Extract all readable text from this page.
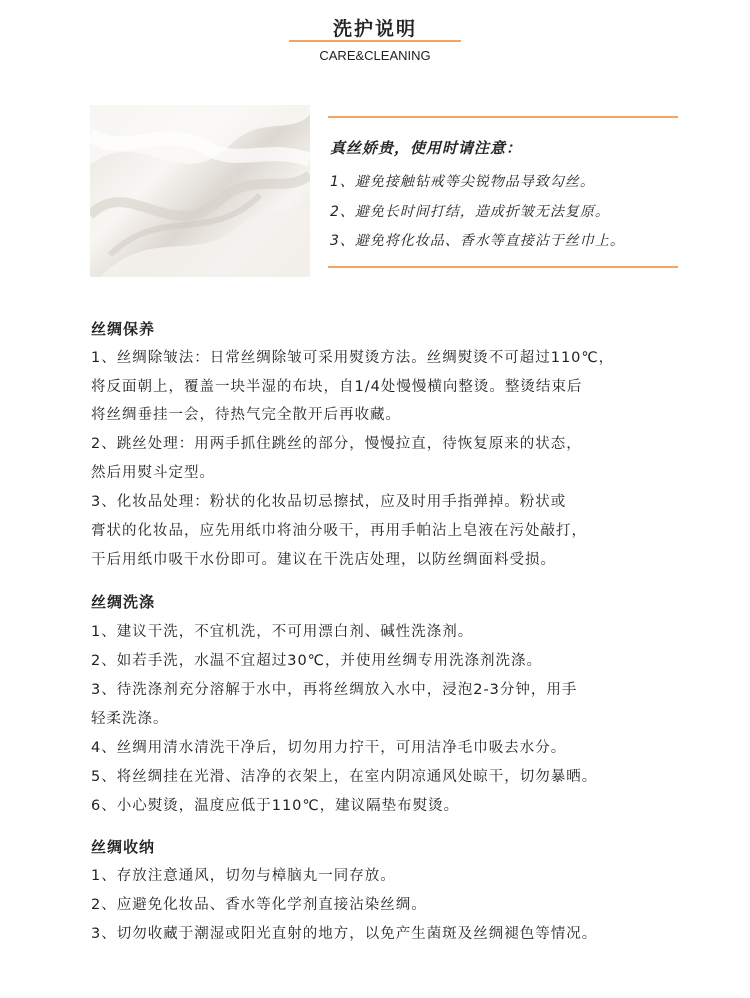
洗护说明
CARE&CLEANING
真丝娇贵，使用时请注意：
1、避免接触钻戒等尖锐物品导致勾丝。
2、避免长时间打结，造成折皱无法复原。
3、避免将化妆品、香水等直接沾于丝巾上。
丝绸保养
1、丝绸除皱法：日常丝绸除皱可采用熨烫方法。丝绸熨烫不可超过110℃，
将反面朝上，覆盖一块半湿的布块，自1/4处慢慢横向整烫。整烫结束后
将丝绸垂挂一会，待热气完全散开后再收藏。
2、跳丝处理：用两手抓住跳丝的部分，慢慢拉直，待恢复原来的状态，
然后用熨斗定型。
3、化妆品处理：粉状的化妆品切忌擦拭，应及时用手指弹掉。粉状或
膏状的化妆品，应先用纸巾将油分吸干，再用手帕沾上皂液在污处敲打，
干后用纸巾吸干水份即可。建议在干洗店处理，以防丝绸面料受损。
丝绸洗涤
1、建议干洗，不宜机洗，不可用漂白剂、碱性洗涤剂。
2、如若手洗，水温不宜超过30℃，并使用丝绸专用洗涤剂洗涤。
3、待洗涤剂充分溶解于水中，再将丝绸放入水中，浸泡2-3分钟，用手
轻柔洗涤。
4、丝绸用清水清洗干净后，切勿用力拧干，可用洁净毛巾吸去水分。
5、将丝绸挂在光滑、洁净的衣架上，在室内阴凉通风处晾干，切勿暴晒。
6、小心熨烫，温度应低于110℃，建议隔垫布熨烫。
丝绸收纳
1、存放注意通风，切勿与樟脑丸一同存放。
2、应避免化妆品、香水等化学剂直接沾染丝绸。
3、切勿收藏于潮湿或阳光直射的地方，以免产生菌斑及丝绸褪色等情况。
